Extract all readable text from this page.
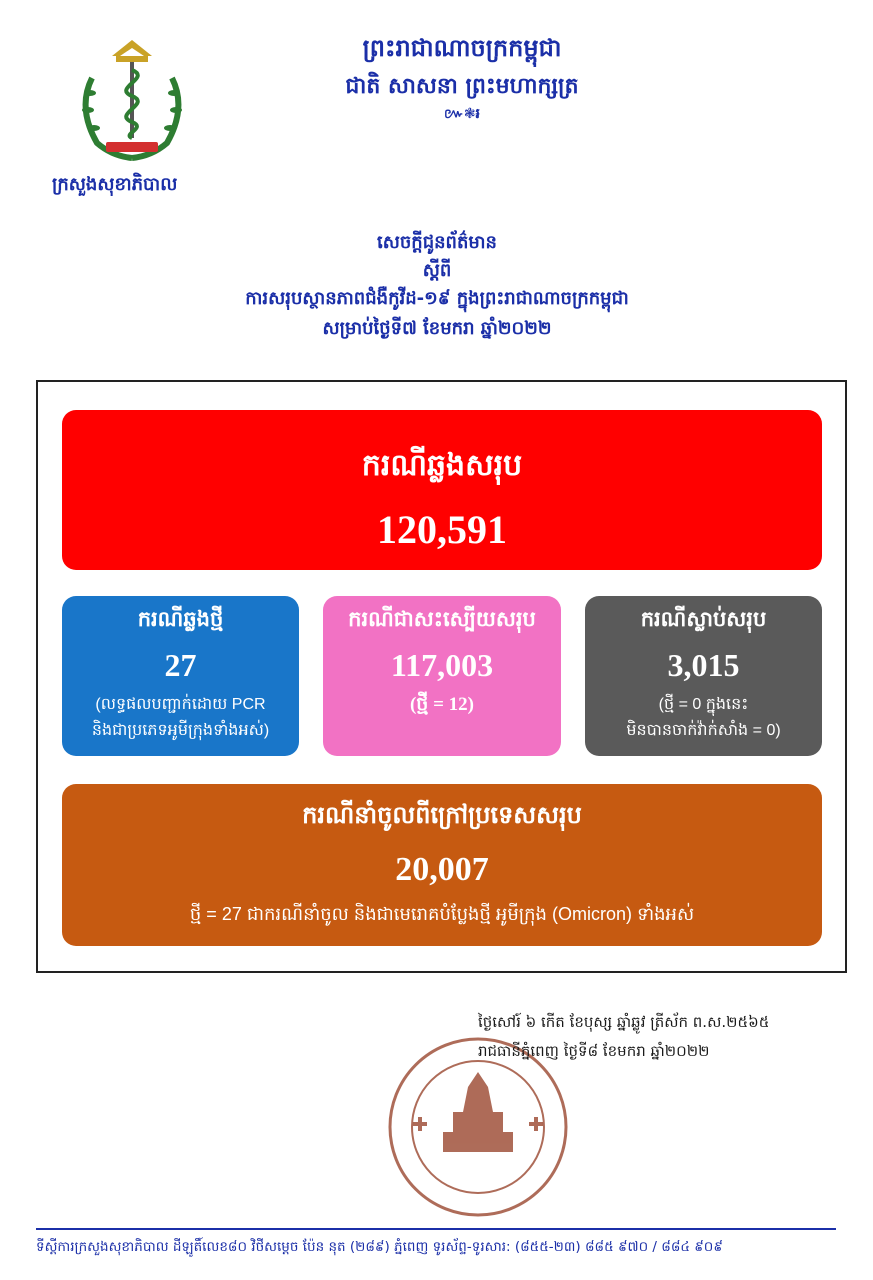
ព្រះរាជាណាចក្រកម្ពុជា
ជាតិ សាសនា ព្រះមហាក្សត្រ
៚❃៛
ក្រសួងសុខាភិបាល
សេចក្តីជូនព័ត៌មាន
ស្តីពី
ការសរុបស្ថានភាពជំងឺកូវីដ-១៩ ក្នុងព្រះរាជាណាចក្រកម្ពុជា
សម្រាប់ថ្ងៃទី៧ ខែមករា ឆ្នាំ២០២២
ករណីឆ្លងសរុប
120,591
ករណីឆ្លងថ្មី
27
(លទ្ធផលបញ្ជាក់ដោយ PCR
និងជាប្រភេទអូមីក្រុងទាំងអស់)
ករណីជាសះស្បើយសរុប
117,003
(ថ្មី = 12)
ករណីស្លាប់សរុប
3,015
(ថ្មី = 0 ក្នុងនេះ
មិនបានចាក់វ៉ាក់សាំង = 0)
ករណីនាំចូលពីក្រៅប្រទេសសរុប
20,007
ថ្មី = 27 ជាករណីនាំចូល និងជាមេរោគបំប្លែងថ្មី អូមីក្រុង (Omicron) ទាំងអស់
ថ្ងៃសៅរ៍ ៦ កើត ខែបុស្ស ឆ្នាំឆ្លូវ ត្រីស័ក ព.ស.២៥៦៥
រាជធានីភ្នំពេញ ថ្ងៃទី៨ ខែមករា ឆ្នាំ២០២២
ទីស្តីការក្រសួងសុខាភិបាល ដីឡូតិ៍លេខ៨០ វិថីសម្តេច ប៉ែន នុត (២៨៩) ភ្នំពេញ ទូរស័ព្ទ-ទូរសារ: (៨៥៥-២៣) ៨៨៥ ៩៧០ / ៨៨៤ ៩០៩
